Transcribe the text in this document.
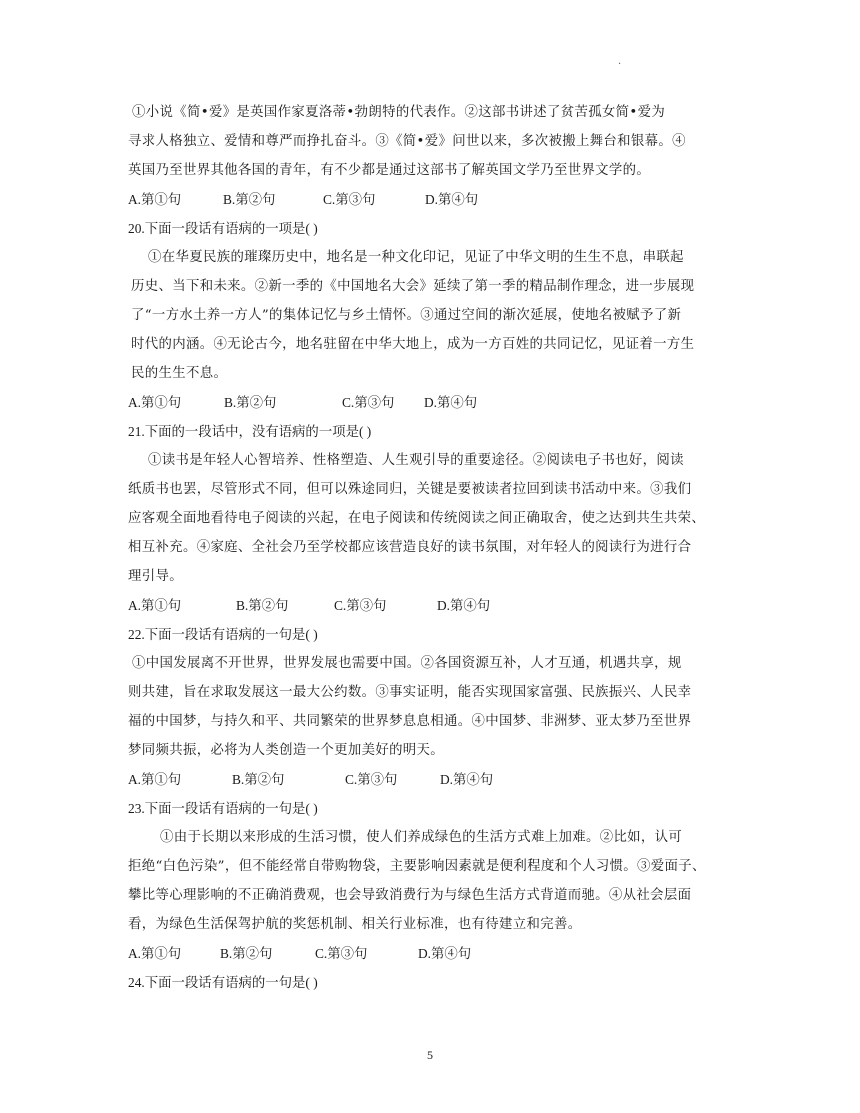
.
①小说《简•爱》是英国作家夏洛蒂•勃朗特的代表作。②这部书讲述了贫苦孤女简•爱为
寻求人格独立、爱情和尊严而挣扎奋斗。③《简•爱》问世以来，多次被搬上舞台和银幕。④
英国乃至世界其他各国的青年，有不少都是通过这部书了解英国文学乃至世界文学的。
A.第①句	B.第②句	C.第③句	D.第④句
20.下面一段话有语病的一项是( )
①在华夏民族的璀璨历史中，地名是一种文化印记，见证了中华文明的生生不息，串联起
历史、当下和未来。②新一季的《中国地名大会》延续了第一季的精品制作理念，进一步展现
了“一方水土养一方人”的集体记忆与乡土情怀。③通过空间的渐次延展，使地名被赋予了新
时代的内涵。④无论古今，地名驻留在中华大地上，成为一方百姓的共同记忆，见证着一方生
民的生生不息。
A.第①句	B.第②句	C.第③句	D.第④句
21.下面的一段话中，没有语病的一项是( )
①读书是年轻人心智培养、性格塑造、人生观引导的重要途径。②阅读电子书也好，阅读
纸质书也罢，尽管形式不同，但可以殊途同归，关键是要被读者拉回到读书活动中来。③我们
应客观全面地看待电子阅读的兴起，在电子阅读和传统阅读之间正确取舍，使之达到共生共荣、
相互补充。④家庭、全社会乃至学校都应该营造良好的读书氛围，对年轻人的阅读行为进行合
理引导。
A.第①句	B.第②句	C.第③句	D.第④句
22.下面一段话有语病的一句是( )
①中国发展离不开世界，世界发展也需要中国。②各国资源互补，人才互通，机遇共享，规
则共建，旨在求取发展这一最大公约数。③事实证明，能否实现国家富强、民族振兴、人民幸
福的中国梦，与持久和平、共同繁荣的世界梦息息相通。④中国梦、非洲梦、亚太梦乃至世界
梦同频共振，必将为人类创造一个更加美好的明天。
A.第①句	B.第②句	C.第③句	D.第④句
23.下面一段话有语病的一句是( )
①由于长期以来形成的生活习惯，使人们养成绿色的生活方式难上加难。②比如，认可
拒绝“白色污染”，但不能经常自带购物袋，主要影响因素就是便利程度和个人习惯。③爱面子、
攀比等心理影响的不正确消费观，也会导致消费行为与绿色生活方式背道而驰。④从社会层面
看，为绿色生活保驾护航的奖惩机制、相关行业标准，也有待建立和完善。
A.第①句	B.第②句	C.第③句	D.第④句
24.下面一段话有语病的一句是( )
5
